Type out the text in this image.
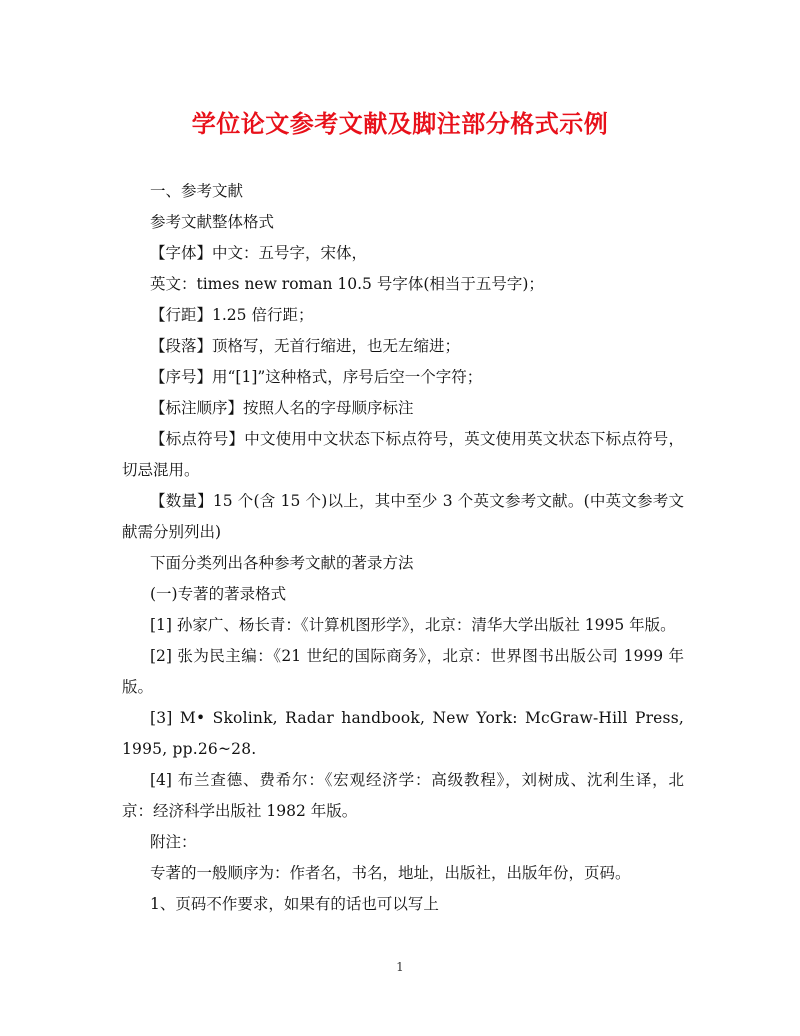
学位论文参考文献及脚注部分格式示例

一、参考文献

参考文献整体格式

【字体】中文：五号字，宋体，

英文：times new roman 10.5 号字体(相当于五号字)；

【行距】1.25 倍行距；

【段落】顶格写，无首行缩进，也无左缩进；

【序号】用“[1]”这种格式，序号后空一个字符；

【标注顺序】按照人名的字母顺序标注

【标点符号】中文使用中文状态下标点符号，英文使用英文状态下标点符号，切忌混用。

【数量】15 个(含 15 个)以上，其中至少 3 个英文参考文献。(中英文参考文献需分别列出)

下面分类列出各种参考文献的著录方法

(一)专著的著录格式

[1] 孙家广、杨长青：《计算机图形学》，北京：清华大学出版社 1995 年版。

[2] 张为民主编：《21 世纪的国际商务》，北京：世界图书出版公司 1999 年版。

[3] M• Skolink, Radar handbook, New York: McGraw-Hill Press, 1995, pp.26~28.

[4] 布兰查德、费希尔：《宏观经济学：高级教程》，刘树成、沈利生译，北京：经济科学出版社 1982 年版。

附注：

专著的一般顺序为：作者名，书名，地址，出版社，出版年份，页码。

1、页码不作要求，如果有的话也可以写上

1
